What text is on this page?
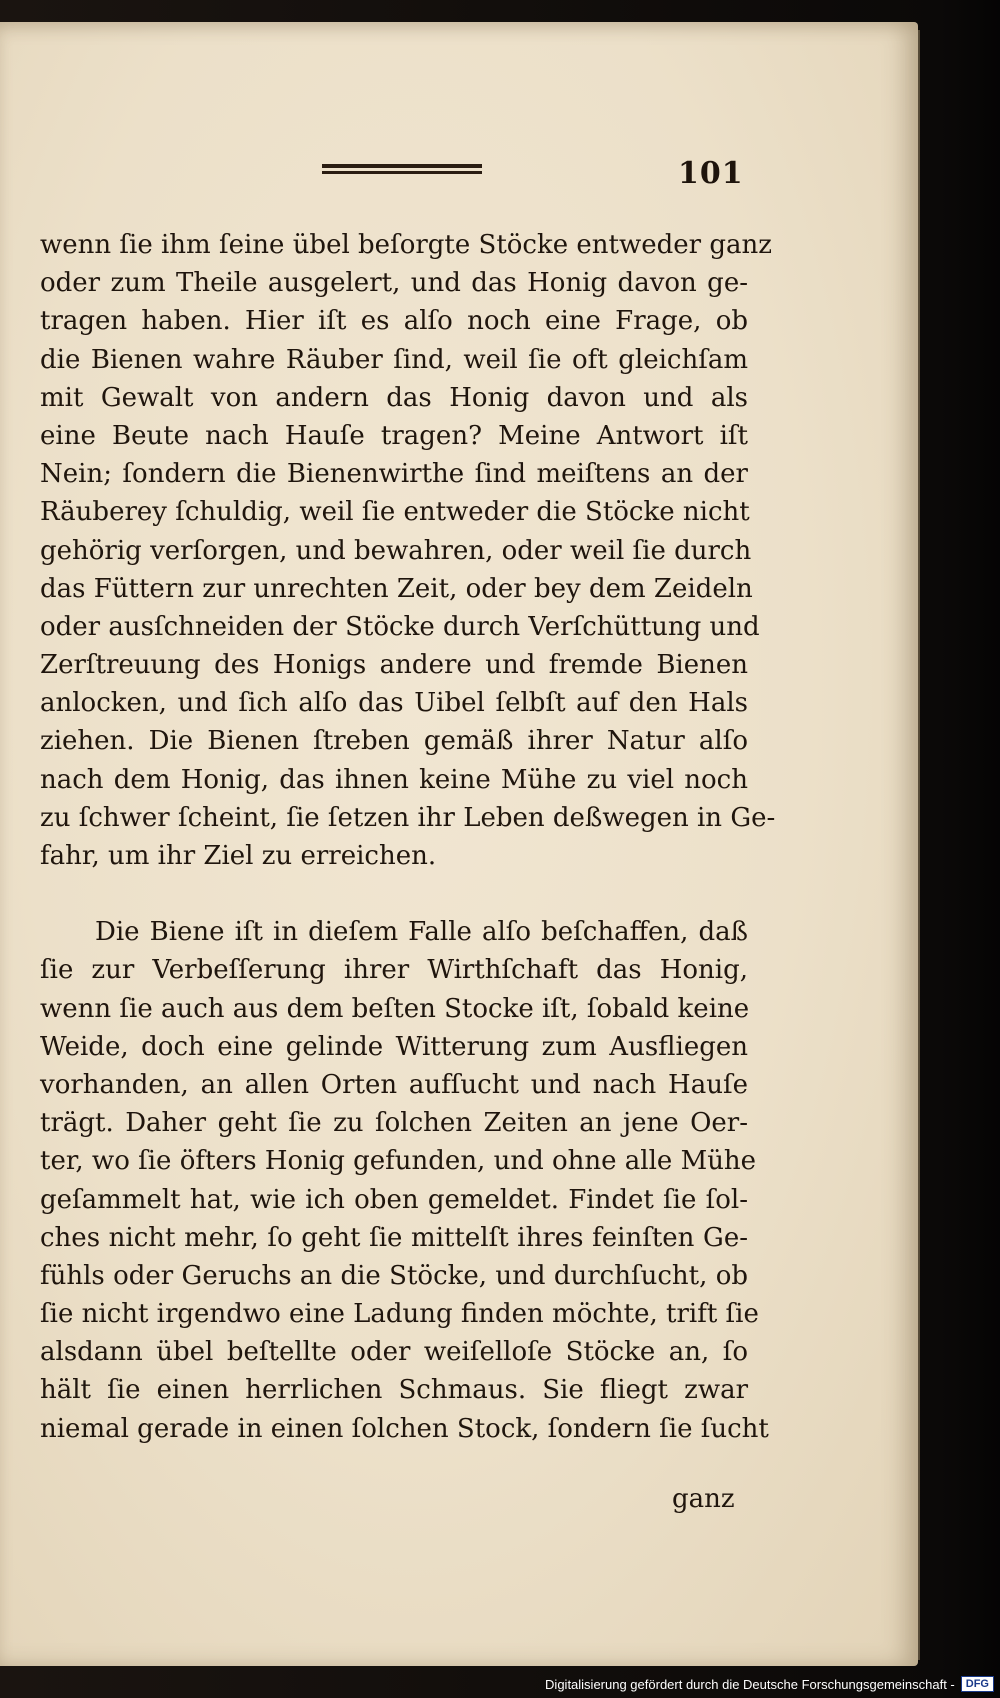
101
wenn ſie ihm ſeine übel beſorgte Stöcke entweder ganz
oder zum Theile ausgelert, und das Honig davon ge-
tragen haben. Hier iſt es alſo noch eine Frage, ob
die Bienen wahre Räuber ſind, weil ſie oft gleichſam
mit Gewalt von andern das Honig davon und als
eine Beute nach Hauſe tragen? Meine Antwort iſt
Nein; ſondern die Bienenwirthe ſind meiſtens an der
Räuberey ſchuldig, weil ſie entweder die Stöcke nicht
gehörig verſorgen, und bewahren, oder weil ſie durch
das Füttern zur unrechten Zeit, oder bey dem Zeideln
oder ausſchneiden der Stöcke durch Verſchüttung und
Zerſtreuung des Honigs andere und fremde Bienen
anlocken, und ſich alſo das Uibel ſelbſt auf den Hals
ziehen. Die Bienen ſtreben gemäß ihrer Natur alſo
nach dem Honig, das ihnen keine Mühe zu viel noch
zu ſchwer ſcheint, ſie ſetzen ihr Leben deßwegen in Ge-
fahr, um ihr Ziel zu erreichen.
Die Biene iſt in dieſem Falle alſo beſchaffen, daß
ſie zur Verbeſſerung ihrer Wirthſchaft das Honig,
wenn ſie auch aus dem beſten Stocke iſt, ſobald keine
Weide, doch eine gelinde Witterung zum Ausfliegen
vorhanden, an allen Orten aufſucht und nach Hauſe
trägt. Daher geht ſie zu ſolchen Zeiten an jene Oer-
ter, wo ſie öfters Honig gefunden, und ohne alle Mühe
geſammelt hat, wie ich oben gemeldet. Findet ſie ſol-
ches nicht mehr, ſo geht ſie mittelſt ihres feinſten Ge-
fühls oder Geruchs an die Stöcke, und durchſucht, ob
ſie nicht irgendwo eine Ladung finden möchte, trift ſie
alsdann übel beſtellte oder weiſelloſe Stöcke an, ſo
hält ſie einen herrlichen Schmaus. Sie fliegt zwar
niemal gerade in einen ſolchen Stock, ſondern ſie ſucht
ganz
Digitalisierung gefördert durch die Deutsche Forschungsgemeinschaft -	DFG
